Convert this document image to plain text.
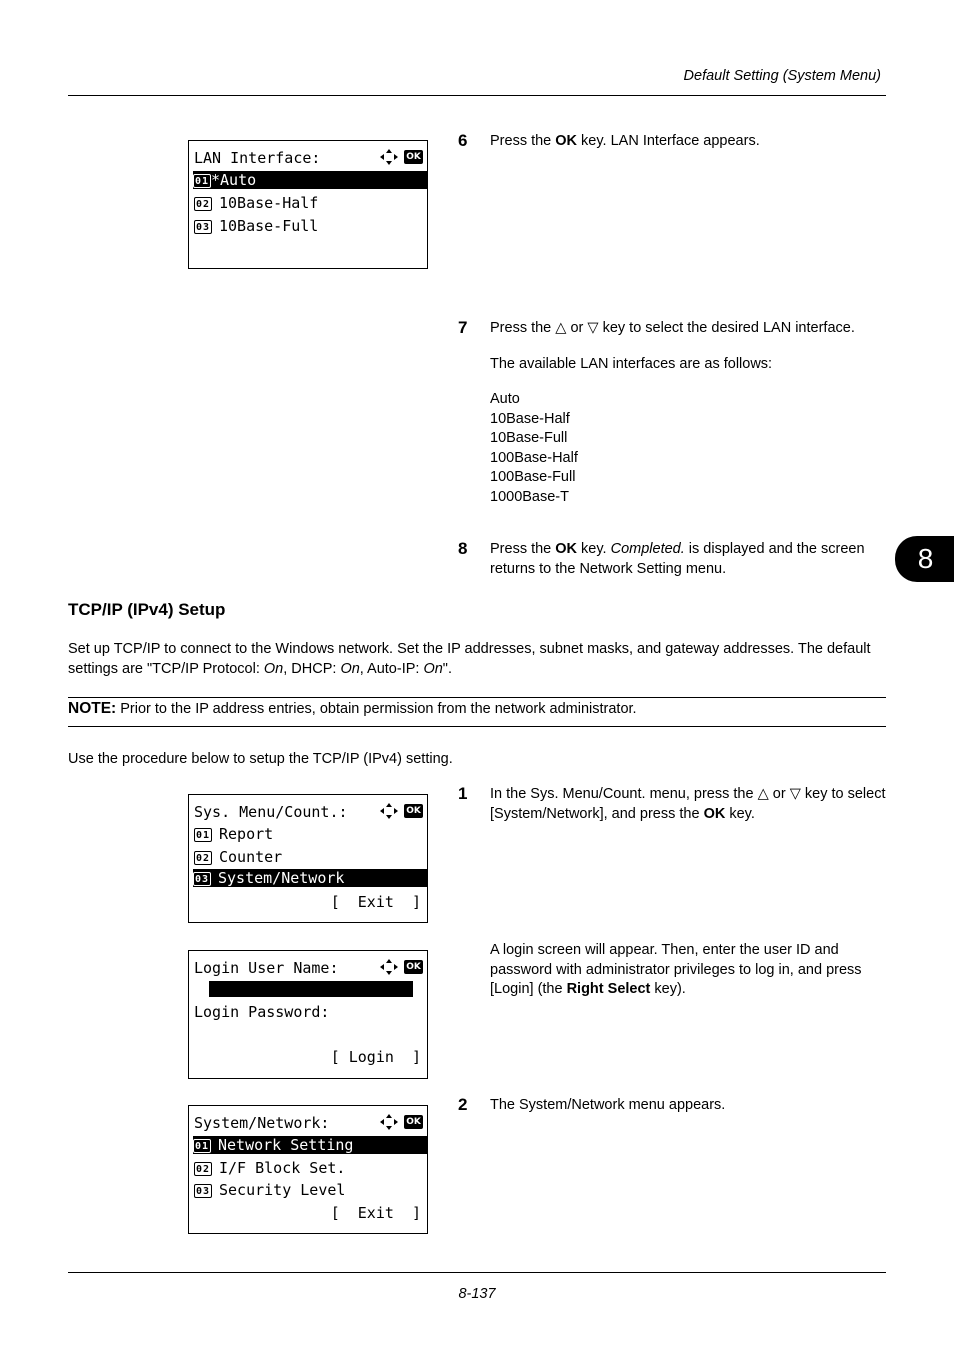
Default Setting (System Menu)
8
LAN Interface:	OK
01 *Auto
02 10Base-Half
03 10Base-Full
6 Press the OK key. LAN Interface appears.
7 Press the △ or ▽ key to select the desired LAN interface.

The available LAN interfaces are as follows:

Auto

10Base-Half

10Base-Full

100Base-Half

100Base-Full

1000Base-T

8 Press the OK key. Completed. is displayed and the screen returns to the Network Setting menu.
TCP/IP (IPv4) Setup
Set up TCP/IP to connect to the Windows network. Set the IP addresses, subnet masks, and gateway addresses. The default settings are "TCP/IP Protocol: On, DHCP: On, Auto-IP: On".
NOTE: Prior to the IP address entries, obtain permission from the network administrator.
Use the procedure below to setup the TCP/IP (IPv4) setting.
Sys. Menu/Count.:	OK
01 Report
02 Counter
03 System/Network
[  Exit  ]
1 In the Sys. Menu/Count. menu, press the △ or ▽ key to select [System/Network], and press the OK key.
Login User Name:	OK
Login Password:
[ Login  ]
A login screen will appear. Then, enter the user ID and password with administrator privileges to log in, and press [Login] (the Right Select key).
System/Network:	OK
01 Network Setting
02 I/F Block Set.
03 Security Level
[  Exit  ]
2 The System/Network menu appears.
8-137
